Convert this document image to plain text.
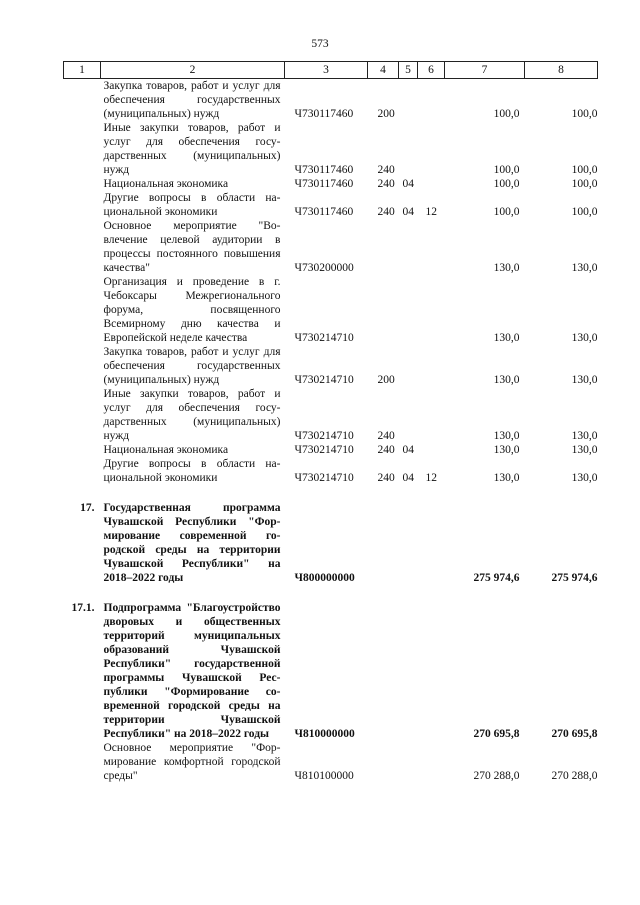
573
1	2	3	4	5	6	7	8
	Закупка товаров, работ и услуг для обеспечения государственных (муниципальных) нужд	Ч730117460	200			100,0	100,0
	Иные закупки товаров, работ и услуг для обеспечения государственных (муниципальных) нужд	Ч730117460	240			100,0	100,0
	Национальная экономика	Ч730117460	240	04		100,0	100,0
	Другие вопросы в области национальной экономики	Ч730117460	240	04	12	100,0	100,0
	Основное мероприятие "Вовлечение целевой аудитории в процессы постоянного повышения качества"	Ч730200000				130,0	130,0
	Организация и проведение в г. Чебоксары Межрегионального форума, посвященного Всемирному дню качества и Европейской неделе качества	Ч730214710				130,0	130,0
	Закупка товаров, работ и услуг для обеспечения государственных (муниципальных) нужд	Ч730214710	200			130,0	130,0
	Иные закупки товаров, работ и услуг для обеспечения государственных (муниципальных) нужд	Ч730214710	240			130,0	130,0
	Национальная экономика	Ч730214710	240	04		130,0	130,0
	Другие вопросы в области национальной экономики	Ч730214710	240	04	12	130,0	130,0

17.	Государственная программа Чувашской Республики "Формирование современной городской среды на территории Чувашской Республики" на 2018–2022 годы	Ч800000000				275 974,6	275 974,6

17.1.	Подпрограмма "Благоустройство дворовых и общественных территорий муниципальных образований Чувашской Республики" государственной программы Чувашской Республики "Формирование современной городской среды на территории Чувашской Республики" на 2018–2022 годы	Ч810000000				270 695,8	270 695,8
	Основное мероприятие "Формирование комфортной городской среды"	Ч810100000				270 288,0	270 288,0
